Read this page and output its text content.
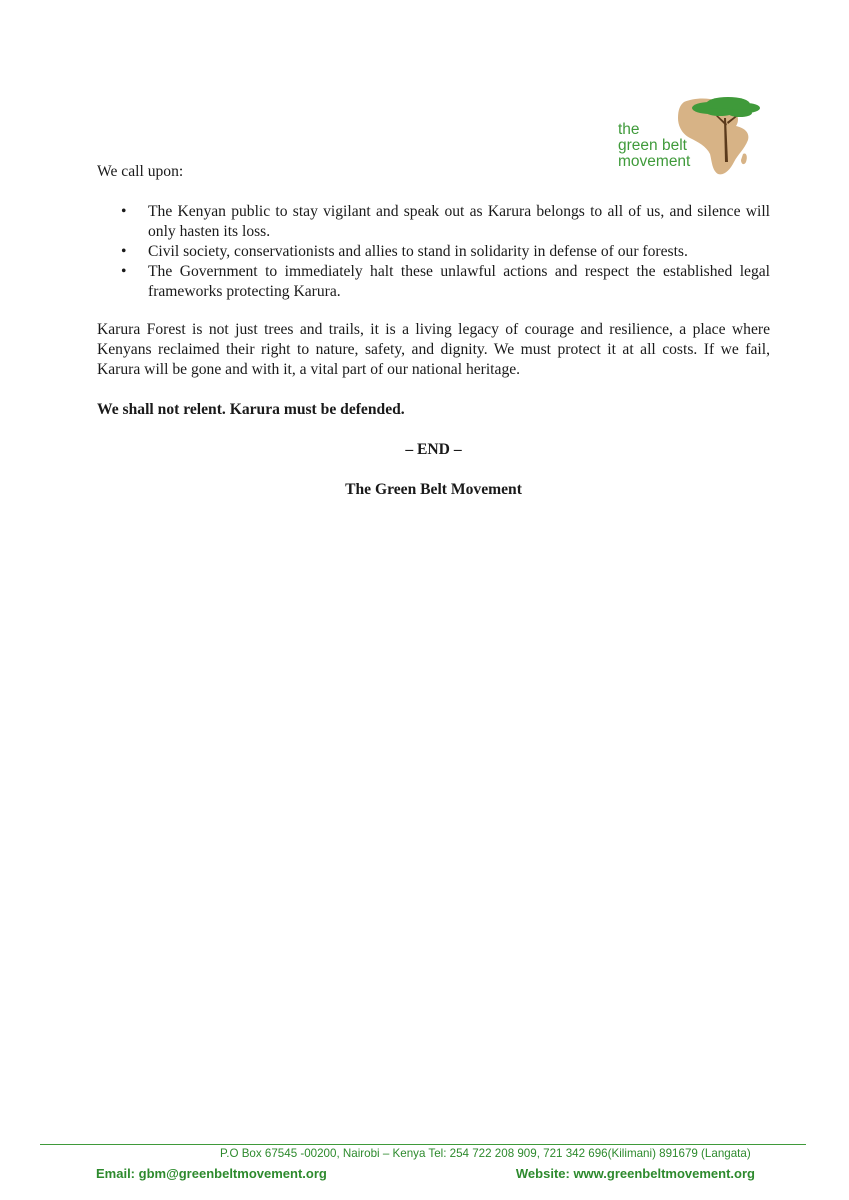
the
green belt
movement
We call upon:
• The Kenyan public to stay vigilant and speak out as Karura belongs to all of us, and silence will only hasten its loss.
• Civil society, conservationists and allies to stand in solidarity in defense of our forests.
• The Government to immediately halt these unlawful actions and respect the established legal frameworks protecting Karura.
Karura Forest is not just trees and trails, it is a living legacy of courage and resilience, a place where Kenyans reclaimed their right to nature, safety, and dignity. We must protect it at all costs. If we fail, Karura will be gone and with it, a vital part of our national heritage.
We shall not relent. Karura must be defended.
– END –
The Green Belt Movement
P.O Box 67545 -00200, Nairobi – Kenya Tel: 254 722 208 909, 721 342 696(Kilimani) 891679 (Langata)
Email: gbm@greenbeltmovement.org	Website: www.greenbeltmovement.org
